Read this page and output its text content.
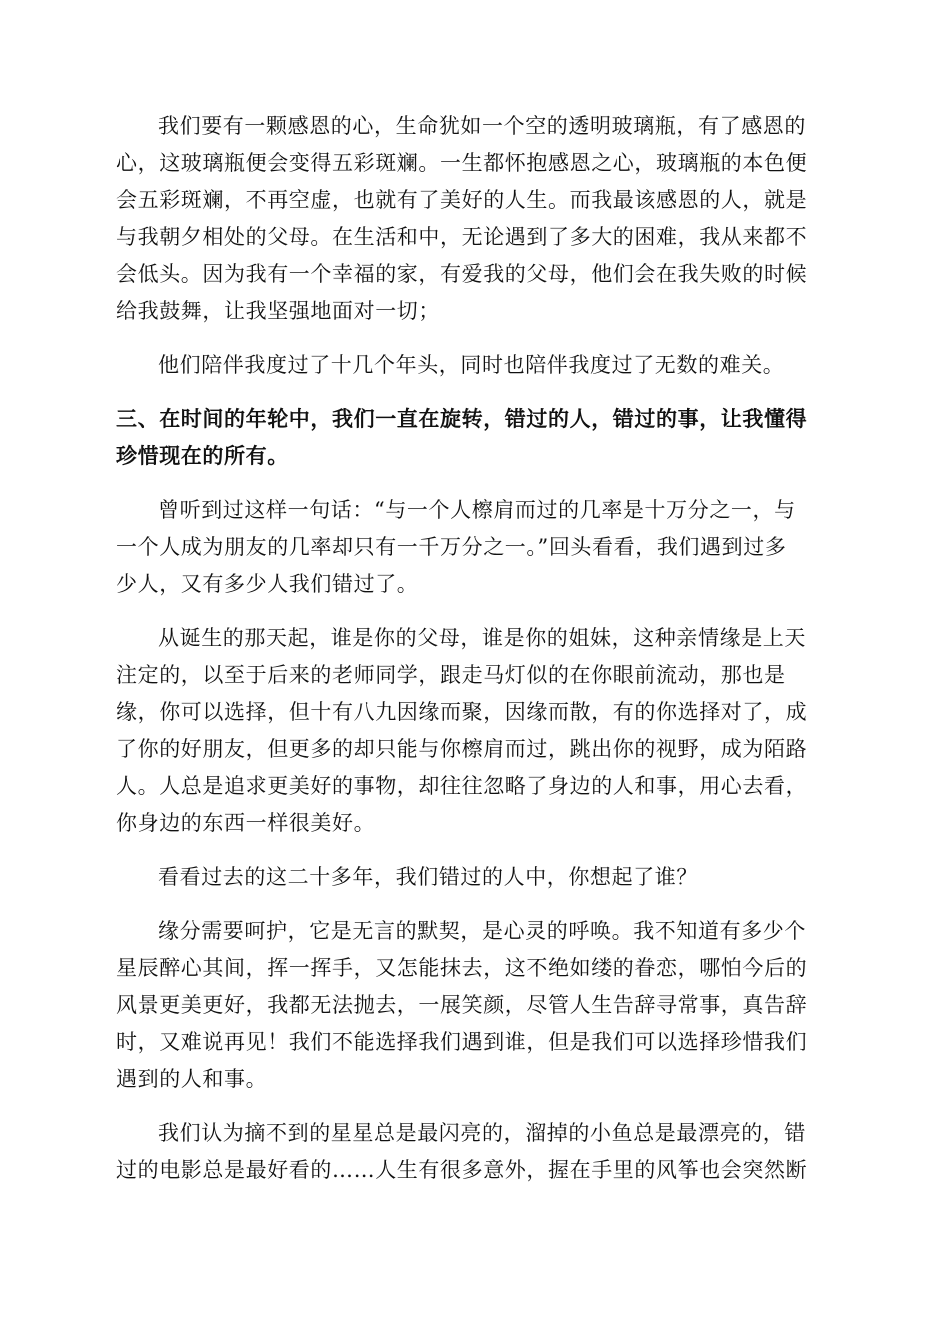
我们要有一颗感恩的心，生命犹如一个空的透明玻璃瓶，有了感恩的
心，这玻璃瓶便会变得五彩斑斓。一生都怀抱感恩之心，玻璃瓶的本色便
会五彩斑斓，不再空虚，也就有了美好的人生。而我最该感恩的人，就是
与我朝夕相处的父母。在生活和中，无论遇到了多大的困难，我从来都不
会低头。因为我有一个幸福的家，有爱我的父母，他们会在我失败的时候
给我鼓舞，让我坚强地面对一切；

他们陪伴我度过了十几个年头，同时也陪伴我度过了无数的难关。

三、在时间的年轮中，我们一直在旋转，错过的人，错过的事，让我懂得
珍惜现在的所有。

曾听到过这样一句话：“与一个人檫肩而过的几率是十万分之一，与
一个人成为朋友的几率却只有一千万分之一。”回头看看，我们遇到过多
少人，又有多少人我们错过了。

从诞生的那天起，谁是你的父母，谁是你的姐妹，这种亲情缘是上天
注定的，以至于后来的老师同学，跟走马灯似的在你眼前流动，那也是
缘，你可以选择，但十有八九因缘而聚，因缘而散，有的你选择对了，成
了你的好朋友，但更多的却只能与你檫肩而过，跳出你的视野，成为陌路
人。人总是追求更美好的事物，却往往忽略了身边的人和事，用心去看，
你身边的东西一样很美好。

看看过去的这二十多年，我们错过的人中，你想起了谁？

缘分需要呵护，它是无言的默契，是心灵的呼唤。我不知道有多少个
星辰醉心其间，挥一挥手，又怎能抹去，这不绝如缕的眷恋，哪怕今后的
风景更美更好，我都无法抛去，一展笑颜，尽管人生告辞寻常事，真告辞
时，又难说再见！我们不能选择我们遇到谁，但是我们可以选择珍惜我们
遇到的人和事。

我们认为摘不到的星星总是最闪亮的，溜掉的小鱼总是最漂亮的，错
过的电影总是最好看的……人生有很多意外，握在手里的风筝也会突然断
